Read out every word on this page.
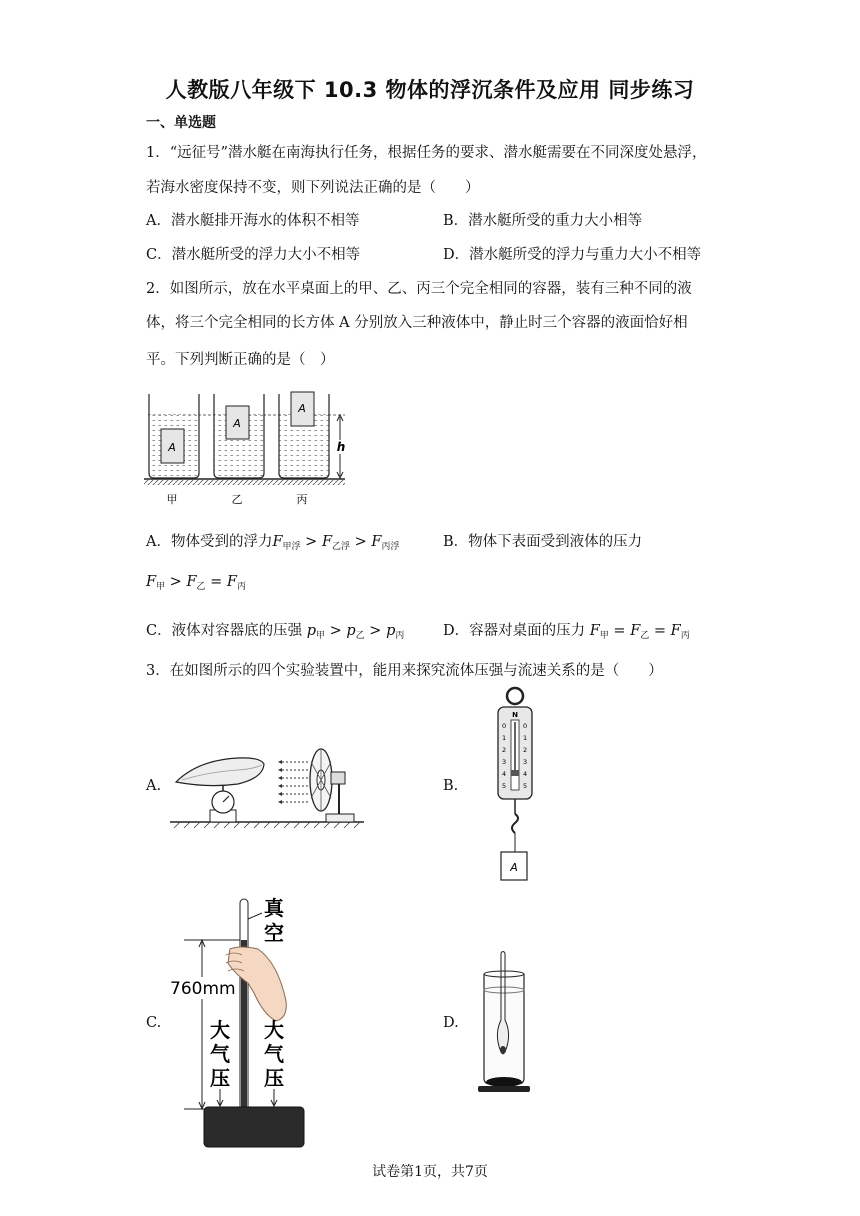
人教版八年级下 10.3 物体的浮沉条件及应用 同步练习
一、单选题
1．“远征号”潜水艇在南海执行任务，根据任务的要求、潜水艇需要在不同深度处悬浮，
若海水密度保持不变，则下列说法正确的是（　　）
A．潜水艇排开海水的体积不相等	B．潜水艇所受的重力大小相等
C．潜水艇所受的浮力大小不相等	D．潜水艇所受的浮力与重力大小不相等
2．如图所示，放在水平桌面上的甲、乙、丙三个完全相同的容器，装有三种不同的液
体，将三个完全相同的长方体 A 分别放入三种液体中，静止时三个容器的液面恰好相
平。下列判断正确的是（　）
A
A
A
h
甲	乙	丙
A．物体受到的浮力$F_{甲浮} > F_{乙浮} > F_{丙浮}$	B．物体下表面受到液体的压力
$F_甲 > F_乙 = F_丙$
C．液体对容器底的压强 $p_甲 > p_乙 > p_丙$	D．容器对桌面的压力 $F_甲 = F_乙 = F_丙$
3．在如图所示的四个实验装置中，能用来探究流体压强与流速关系的是（　　）
A.	B.
N
0	0
1	1
2	2
3	3
4	4
5	5
A
C.
760mm
真
空
大
气
压
大
气
压
D.
试卷第1页，共7页
